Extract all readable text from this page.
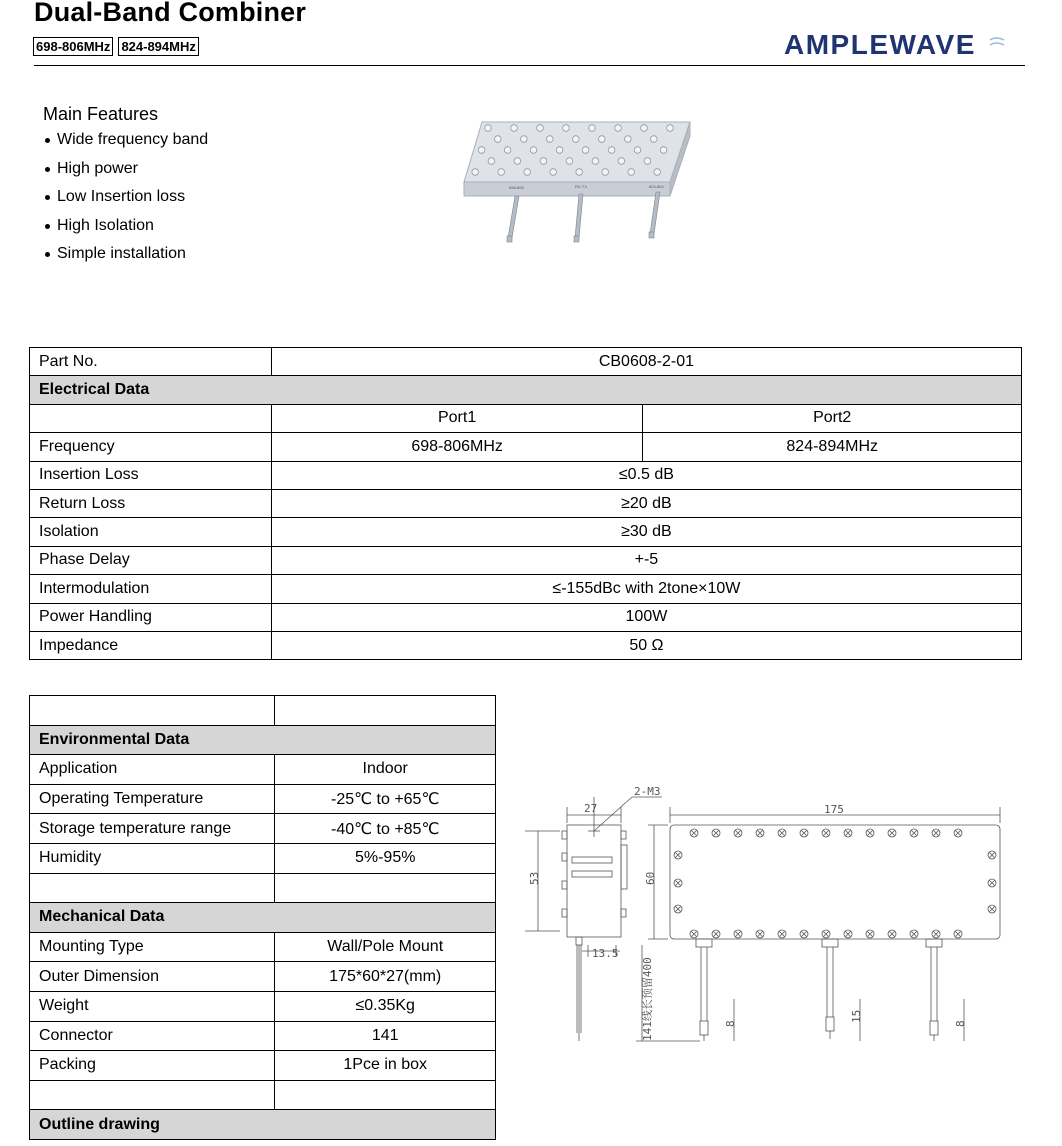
Dual-Band Combiner
698-806MHz 824-894MHz	AMPLEWAVE
Main Features
Wide frequency band
High power
Low Insertion loss
High Isolation
Simple installation
698-806	RX-TX	824-894
Part No.	CB0608-2-01	
Electrical Data		
	Port1	Port2
Frequency	698-806MHz	824-894MHz
Insertion Loss	≤0.5 dB	
Return Loss	≥20 dB	
Isolation	≥30 dB	
Phase Delay	+-5	
Intermodulation	≤-155dBc with 2tone×10W	
Power Handling	100W	
Impedance	50 Ω	

Environmental Data	
Application	Indoor
Operating Temperature	-25℃ to +65℃
Storage temperature range	-40℃ to +85℃
Humidity	5%-95%

Mechanical Data	
Mounting Type	Wall/Pole Mount
Outer Dimension	175*60*27(mm)
Weight	≤0.35Kg
Connector	141
Packing	1Pce in box

Outline drawing	
27
2-M3
175
53	60
13.5
141线长预留400	8
15
8
